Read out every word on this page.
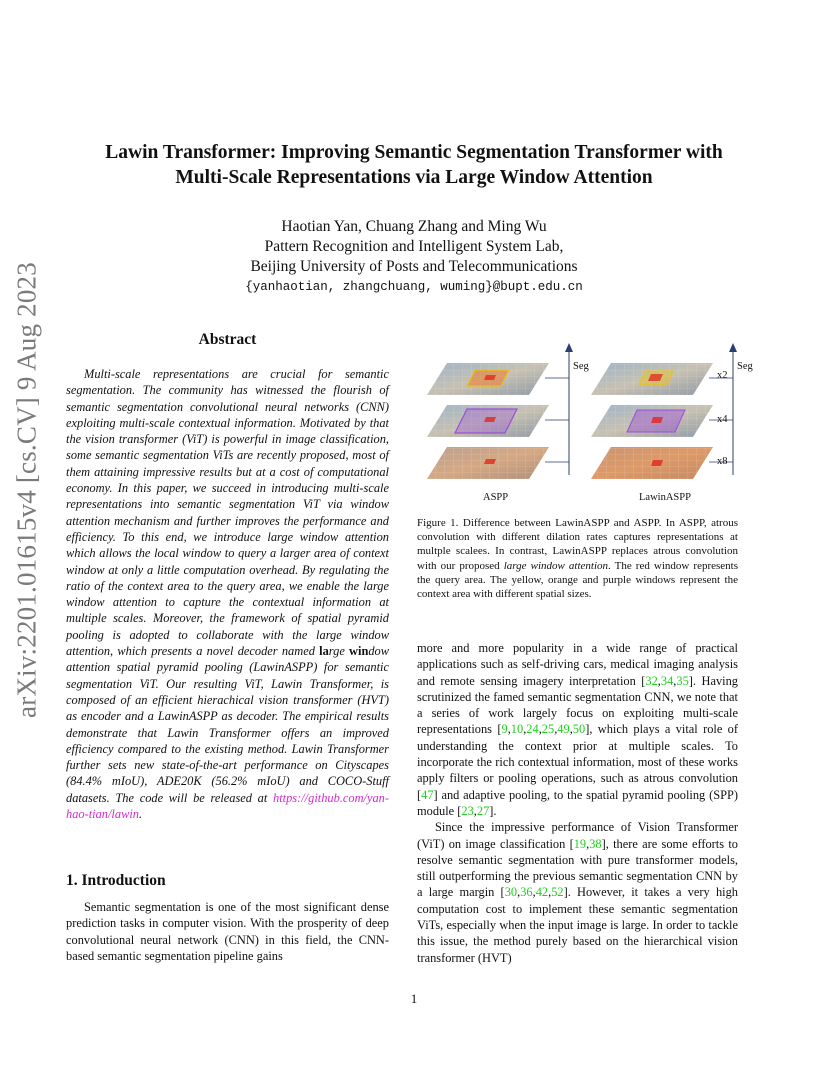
arXiv:2201.01615v4 [cs.CV] 9 Aug 2023
Lawin Transformer: Improving Semantic Segmentation Transformer with
Multi-Scale Representations via Large Window Attention
Haotian Yan, Chuang Zhang and Ming Wu
Pattern Recognition and Intelligent System Lab,
Beijing University of Posts and Telecommunications
{yanhaotian, zhangchuang, wuming}@bupt.edu.cn
Abstract

Multi-scale representations are crucial for semantic segmentation. The community has witnessed the flourish of semantic segmentation convolutional neural networks (CNN) exploiting multi-scale contextual information. Motivated by that the vision transformer (ViT) is powerful in image classification, some semantic segmentation ViTs are recently proposed, most of them attaining impressive results but at a cost of computational economy. In this paper, we succeed in introducing multi-scale representations into semantic segmentation ViT via window attention mechanism and further improves the performance and efficiency. To this end, we introduce large window attention which allows the local window to query a larger area of context window at only a little computation overhead. By regulating the ratio of the context area to the query area, we enable the large window attention to capture the contextual information at multiple scales. Moreover, the framework of spatial pyramid pooling is adopted to collaborate with the large window attention, which presents a novel decoder named large window attention spatial pyramid pooling (LawinASPP) for semantic segmentation ViT. Our resulting ViT, Lawin Transformer, is composed of an efficient hierachical vision transformer (HVT) as encoder and a LawinASPP as decoder. The empirical results demonstrate that Lawin Transformer offers an improved efficiency compared to the existing method. Lawin Transformer further sets new state-of-the-art performance on Cityscapes (84.4% mIoU), ADE20K (56.2% mIoU) and COCO-Stuff datasets. The code will be released at https://github.com/yan-hao-tian/lawin.

1. Introduction

Semantic segmentation is one of the most significant dense prediction tasks in computer vision. With the prosperity of deep convolutional neural network (CNN) in this field, the CNN-based semantic segmentation pipeline gains

Seg
ASPP
Seg
x2
x4
x8
LawinASPP

Figure 1. Difference between LawinASPP and ASPP. In ASPP, atrous convolution with different dilation rates captures representations at multple scalees. In contrast, LawinASPP replaces atrous convolution with our proposed large window attention. The red window represents the query area. The yellow, orange and purple windows represent the context area with different spatial sizes.

more and more popularity in a wide range of practical applications such as self-driving cars, medical imaging analysis and remote sensing imagery interpretation [32,34,35]. Having scrutinized the famed semantic segmentation CNN, we note that a series of work largely focus on exploiting multi-scale representations [9,10,24,25,49,50], which plays a vital role of understanding the context prior at multiple scales. To incorporate the rich contextual information, most of these works apply filters or pooling operations, such as atrous convolution [47] and adaptive pooling, to the spatial pyramid pooling (SPP) module [23,27].

Since the impressive performance of Vision Transformer (ViT) on image classification [19,38], there are some efforts to resolve semantic segmentation with pure transformer models, still outperforming the previous semantic segmentation CNN by a large margin [30,36,42,52]. However, it takes a very high computation cost to implement these semantic segmentation ViTs, especially when the input image is large. In order to tackle this issue, the method purely based on the hierarchical vision transformer (HVT)

1
